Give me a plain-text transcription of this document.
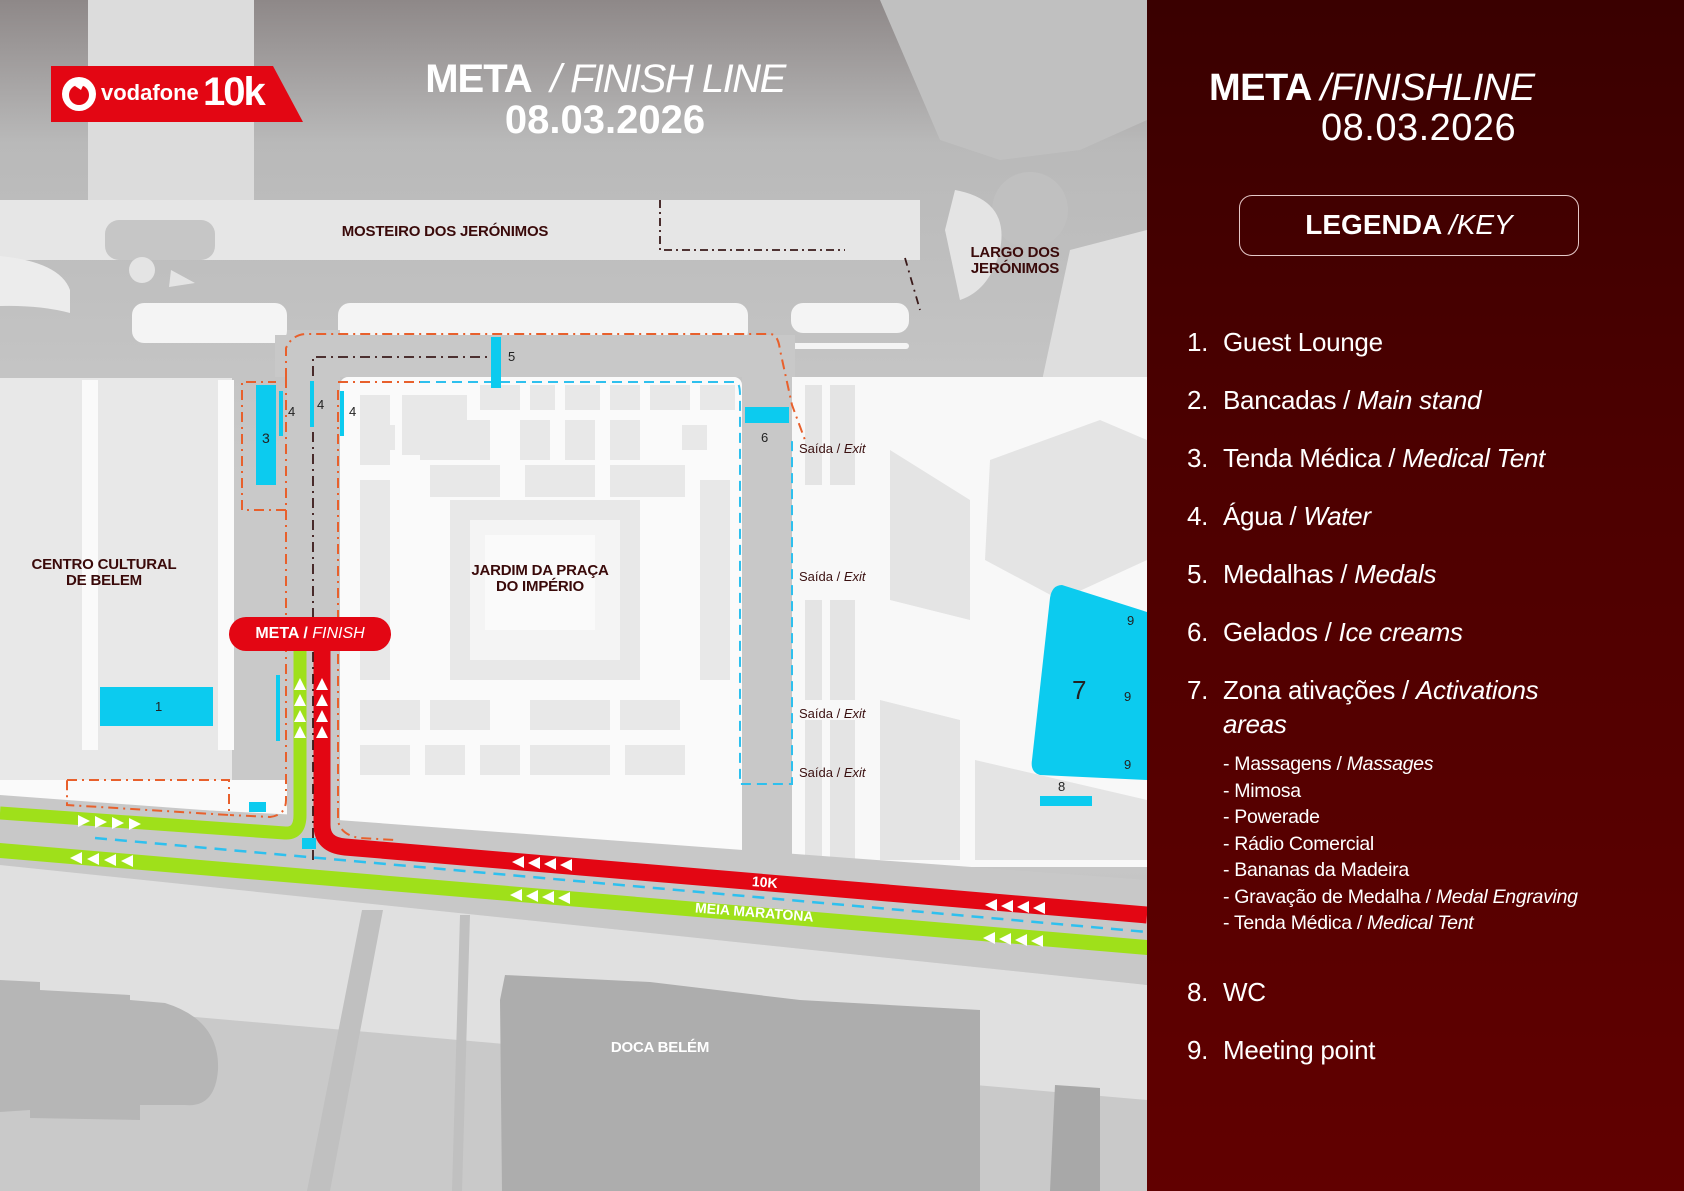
vodafone 10k	META / FINISH LINE
08.03.2026
MOSTEIRO DOS JERÓNIMOS
LARGO DOS
JERÓNIMOS
CENTRO CULTURAL
DE BELEM
JARDIM DA PRAÇA
DO IMPÉRIO
DOCA BELÉM
META / FINISH
10K
MEIA MARATONA
Saída / Exit
Saída / Exit
Saída / Exit
Saída / Exit
1
3
4 4 4
5
6
7
8
9
9
9
META /FINISHLINE
08.03.2026
LEGENDA /KEY
1. Guest Lounge
2. Bancadas / Main stand
3. Tenda Médica / Medical Tent
4. Água / Water
5. Medalhas / Medals
6. Gelados / Ice creams
7. Zona ativações / Activations areas
- Massagens / Massages
- Mimosa
- Powerade
- Rádio Comercial
- Bananas da Madeira
- Gravação de Medalha / Medal Engraving
- Tenda Médica / Medical Tent
8. WC
9. Meeting point
